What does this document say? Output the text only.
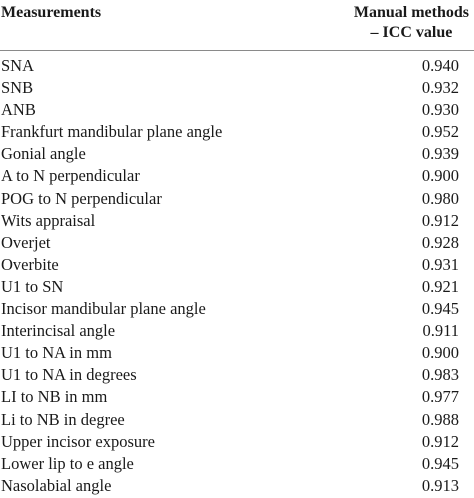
Measurements	Manual methods
– ICC value
SNA	0.940
SNB	0.932
ANB	0.930
Frankfurt mandibular plane angle	0.952
Gonial angle	0.939
A to N perpendicular	0.900
POG to N perpendicular	0.980
Wits appraisal	0.912
Overjet	0.928
Overbite	0.931
U1 to SN	0.921
Incisor mandibular plane angle	0.945
Interincisal angle	0.911
U1 to NA in mm	0.900
U1 to NA in degrees	0.983
LI to NB in mm	0.977
Li to NB in degree	0.988
Upper incisor exposure	0.912
Lower lip to e angle	0.945
Nasolabial angle	0.913
